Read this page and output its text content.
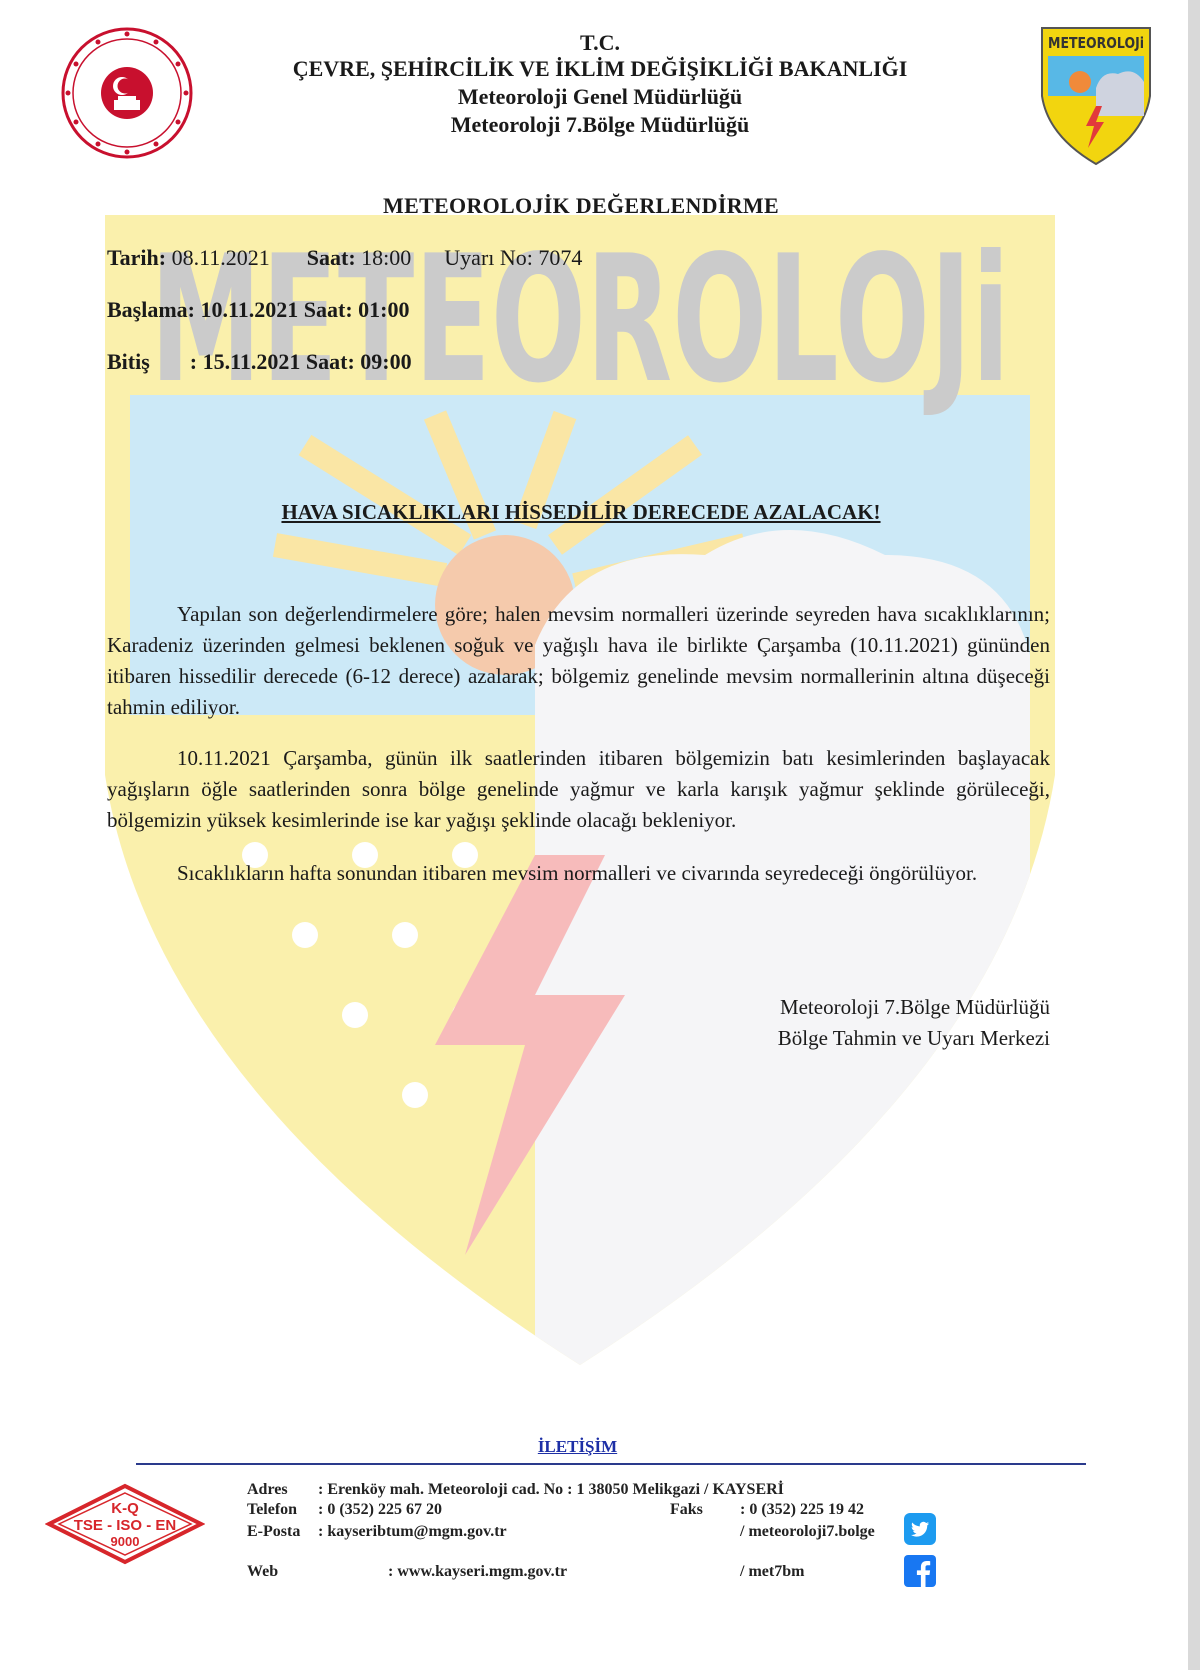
METEOROLOJi
METEOROLOJi
T.C.
ÇEVRE, ŞEHİRCİLİK VE İKLİM DEĞİŞİKLİĞİ BAKANLIĞI
Meteoroloji Genel Müdürlüğü
Meteoroloji 7.Bölge Müdürlüğü
METEOROLOJİK DEĞERLENDİRME
Tarih: 08.11.2021 Saat: 18:00 Uyarı No: 7074
Başlama: 10.11.2021 Saat: 01:00
Bitiş : 15.11.2021 Saat: 09:00
HAVA SICAKLIKLARI HİSSEDİLİR DERECEDE AZALACAK!

Yapılan son değerlendirmelere göre; halen mevsim normalleri üzerinde seyreden hava sıcaklıklarının; Karadeniz üzerinden gelmesi beklenen soğuk ve yağışlı hava ile birlikte Çarşamba (10.11.2021) gününden itibaren hissedilir derecede (6-12 derece) azalarak; bölgemiz genelinde mevsim normallerinin altına düşeceği tahmin ediliyor.

10.11.2021 Çarşamba, günün ilk saatlerinden itibaren bölgemizin batı kesimlerinden başlayacak yağışların öğle saatlerinden sonra bölge genelinde yağmur ve karla karışık yağmur şeklinde görüleceği, bölgemizin yüksek kesimlerinde ise kar yağışı şeklinde olacağı bekleniyor.

Sıcaklıkların hafta sonundan itibaren mevsim normalleri ve civarında seyredeceği öngörülüyor.

Meteoroloji 7.Bölge Müdürlüğü
Bölge Tahmin ve Uyarı Merkezi
İLETİŞİM
K-Q
TSE - ISO - EN
9000
Adres : Erenköy mah. Meteoroloji cad. No : 1 38050 Melikgazi / KAYSERİ
Telefon : 0 (352) 225 67 20	Faks : 0 (352) 225 19 42
E-Posta : kayseribtum@mgm.gov.tr	/ meteoroloji7.bolge
Web	: www.kayseri.mgm.gov.tr	/ met7bm
